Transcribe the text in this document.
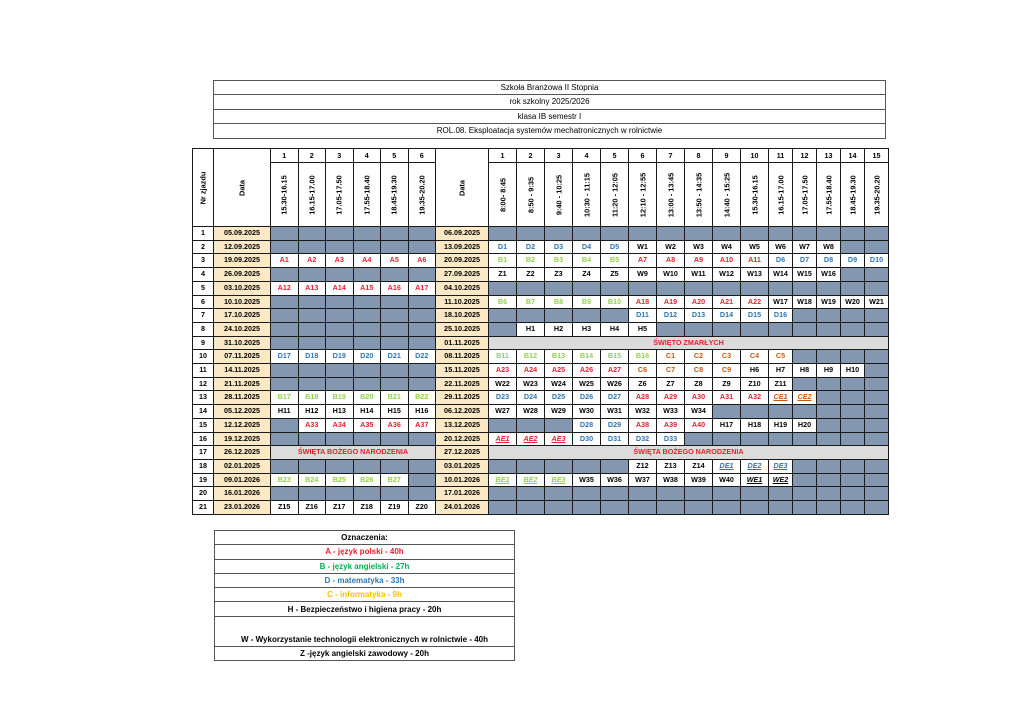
Szkoła Branżowa II Stopnia
rok szkolny 2025/2026
klasa IB semestr I
ROL.08. Eksploatacja systemów mechatronicznych w rolnictwie
Nr zjazdu	Data	1	2	3	4	5	6	Data	1	2	3	4	5	6	7	8	9	10	11	12	13	14	15

		15.30-16.15	16.15-17.00	17.05-17.50	17.55-18.40	18.45-19.30	19.35-20.20		8:00- 8:45	8:50 - 9:35	9:40 - 10:25	10:30 - 11:15	11:20 - 12:05	12:10 - 12:55	13:00 - 13:45	13:50 - 14:35	14:40 - 15:25	15.30-16.15	16.15-17.00	17.05-17.50	17.55-18.40	18.45-19.30	19.35-20.20

1	05.09.2025							06.09.2025															
2	12.09.2025							13.09.2025	D1	D2	D3	D4	D5	W1	W2	W3	W4	W5	W6	W7	W8		
3	19.09.2025	A1	A2	A3	A4	A5	A6	20.09.2025	B1	B2	B3	B4	B5	A7	A8	A9	A10	A11	D6	D7	D8	D9	D10
4	26.09.2025							27.09.2025	Z1	Z2	Z3	Z4	Z5	W9	W10	W11	W12	W13	W14	W15	W16		
5	03.10.2025	A12	A13	A14	A15	A16	A17	04.10.2025															
6	10.10.2025							11.10.2025	B6	B7	B8	B9	B10	A18	A19	A20	A21	A22	W17	W18	W19	W20	W21
7	17.10.2025							18.10.2025						D11	D12	D13	D14	D15	D16				
8	24.10.2025							25.10.2025		H1	H2	H3	H4	H5									
9	31.10.2025							01.11.2025	ŚWIĘTO ZMARŁYCH														
10	07.11.2025	D17	D18	D19	D20	D21	D22	08.11.2025	B11	B12	B13	B14	B15	B16	C1	C2	C3	C4	C5				
11	14.11.2025							15.11.2025	A23	A24	A25	A26	A27	C6	C7	C8	C9	H6	H7	H8	H9	H10	
12	21.11.2025							22.11.2025	W22	W23	W24	W25	W26	Z6	Z7	Z8	Z9	Z10	Z11				
13	28.11.2025	B17	B18	B19	B20	B21	B22	29.11.2025	D23	D24	D25	D26	D27	A28	A29	A30	A31	A32	CE1	CE2			
14	05.12.2025	H11	H12	H13	H14	H15	H16	06.12.2025	W27	W28	W29	W30	W31	W32	W33	W34							
15	12.12.2025		A33	A34	A35	A36	A37	13.12.2025				D28	D29	A38	A39	A40	H17	H18	H19	H20			
16	19.12.2025							20.12.2025	AE1	AE2	AE3	D30	D31	D32	D33								
17	26.12.2025	ŚWIĘTA BOŻEGO NARODZENIA						27.12.2025	ŚWIĘTA BOŻEGO NARODZENIA														
18	02.01.2025							03.01.2025						Z12	Z13	Z14	DE1	DE2	DE3				
19	09.01.2026	B23	B24	B25	B26	B27		10.01.2026	BE1	BE2	BE3	W35	W36	W37	W38	W39	W40	WE1	WE2				
20	16.01.2026							17.01.2026															
21	23.01.2026	Z15	Z16	Z17	Z18	Z19	Z20	24.01.2026															
Oznaczenia:
A - język polski - 40h
B - język angielski - 27h
D - matematyka - 33h
C - informatyka - 9h
H - Bezpieczeństwo i higiena pracy - 20h
W - Wykorzystanie technologii elektronicznych w rolnictwie - 40h
Z -język angielski zawodowy - 20h
